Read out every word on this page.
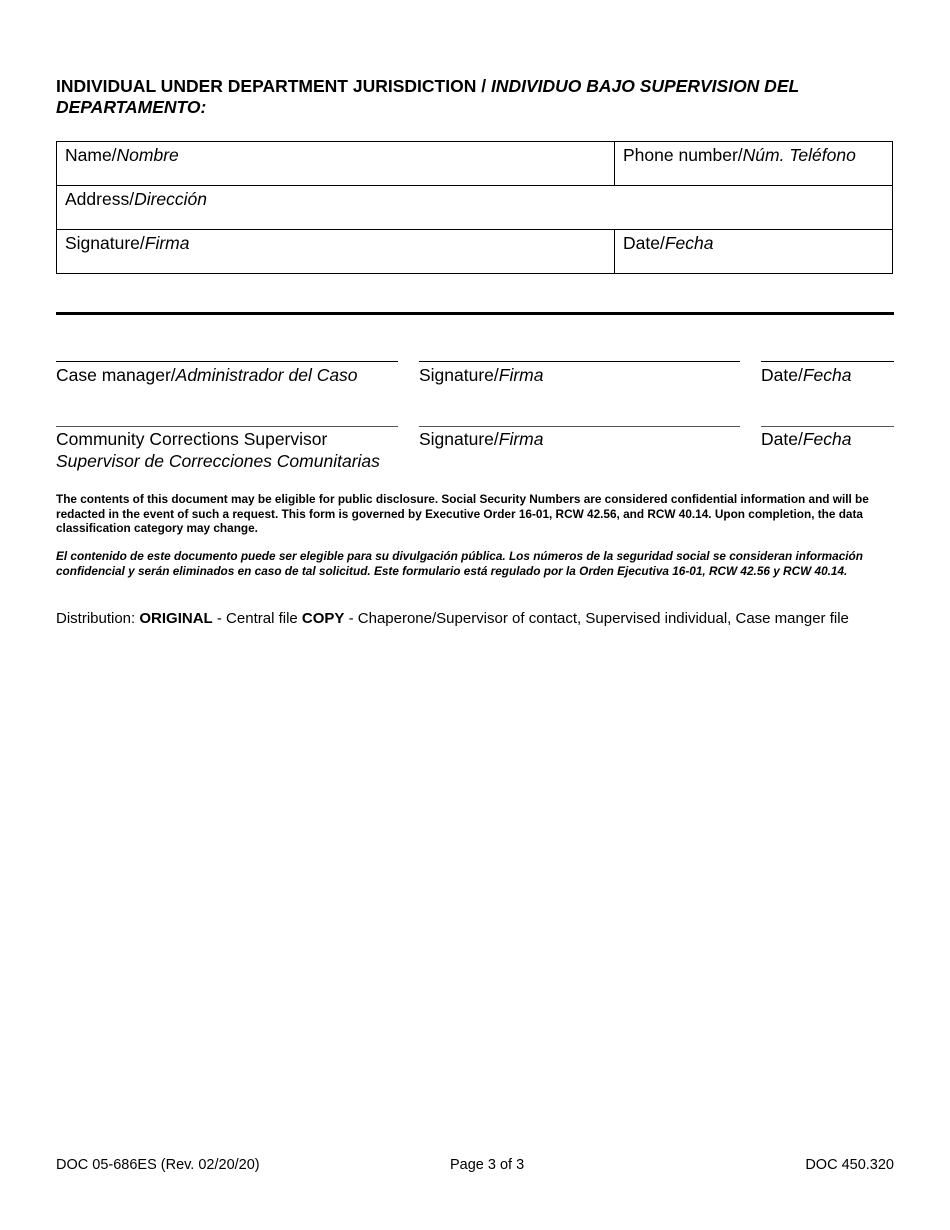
INDIVIDUAL UNDER DEPARTMENT JURISDICTION / INDIVIDUO BAJO SUPERVISION DEL DEPARTAMENTO:
Name/Nombre	Phone number/Núm. Teléfono
Address/Dirección	
Signature/Firma	Date/Fecha
Case manager/Administrador del Caso	Signature/Firma	Date/Fecha
Community Corrections Supervisor
Supervisor de Correcciones Comunitarias
Signature/Firma	Date/Fecha
The contents of this document may be eligible for public disclosure. Social Security Numbers are considered confidential information and will be redacted in the event of such a request. This form is governed by Executive Order 16-01, RCW 42.56, and RCW 40.14. Upon completion, the data classification category may change.
El contenido de este documento puede ser elegible para su divulgación pública. Los números de la seguridad social se consideran información confidencial y serán eliminados en caso de tal solicitud. Este formulario está regulado por la Orden Ejecutiva 16-01, RCW 42.56 y RCW 40.14.
Distribution: ORIGINAL - Central file COPY - Chaperone/Supervisor of contact, Supervised individual, Case manger file
DOC 05-686ES (Rev. 02/20/20)	Page 3 of 3	DOC 450.320
